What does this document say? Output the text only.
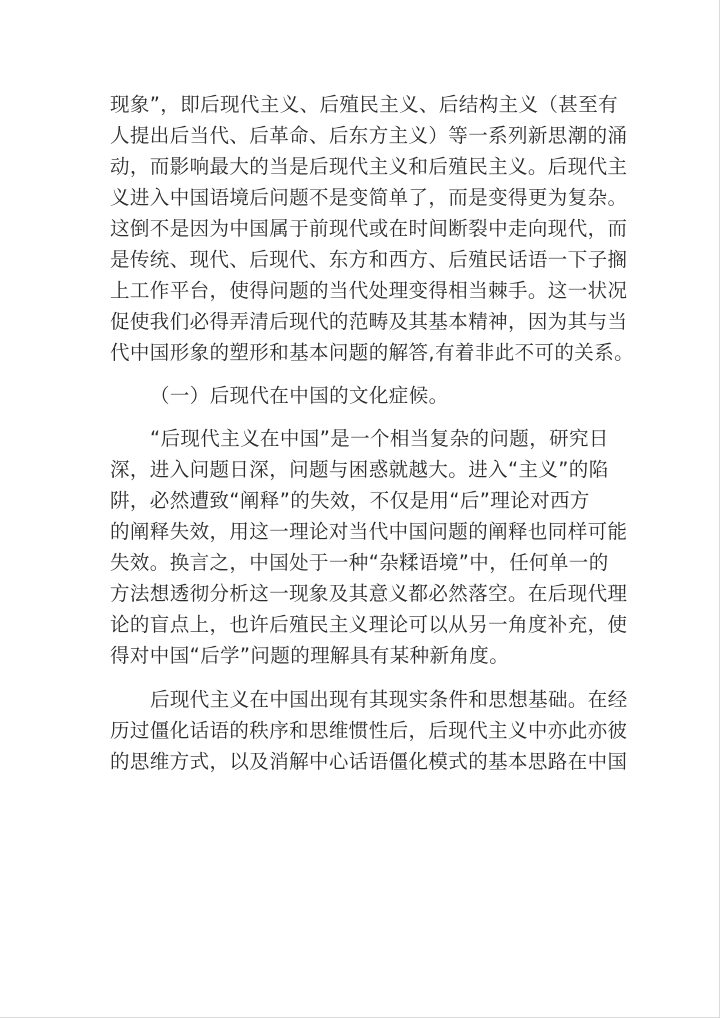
现象”，即后现代主义、后殖民主义、后结构主义（甚至有
人提出后当代、后革命、后东方主义）等一系列新思潮的涌
动，而影响最大的当是后现代主义和后殖民主义。后现代主
义进入中国语境后问题不是变简单了，而是变得更为复杂。
这倒不是因为中国属于前现代或在时间断裂中走向现代，而
是传统、现代、后现代、东方和西方、后殖民话语一下子搁
上工作平台，使得问题的当代处理变得相当棘手。这一状况
促使我们必得弄清后现代的范畴及其基本精神，因为其与当
代中国形象的塑形和基本问题的解答,有着非此不可的关系。
（一）后现代在中国的文化症候。
“后现代主义在中国”是一个相当复杂的问题，研究日
深，进入问题日深，问题与困惑就越大。进入“主义”的陷
阱，必然遭致“阐释”的失效，不仅是用“后”理论对西方
的阐释失效，用这一理论对当代中国问题的阐释也同样可能
失效。换言之，中国处于一种“杂糅语境”中，任何单一的
方法想透彻分析这一现象及其意义都必然落空。在后现代理
论的盲点上，也许后殖民主义理论可以从另一角度补充，使
得对中国“后学”问题的理解具有某种新角度。
后现代主义在中国出现有其现实条件和思想基础。在经
历过僵化话语的秩序和思维惯性后，后现代主义中亦此亦彼
的思维方式，以及消解中心话语僵化模式的基本思路在中国
